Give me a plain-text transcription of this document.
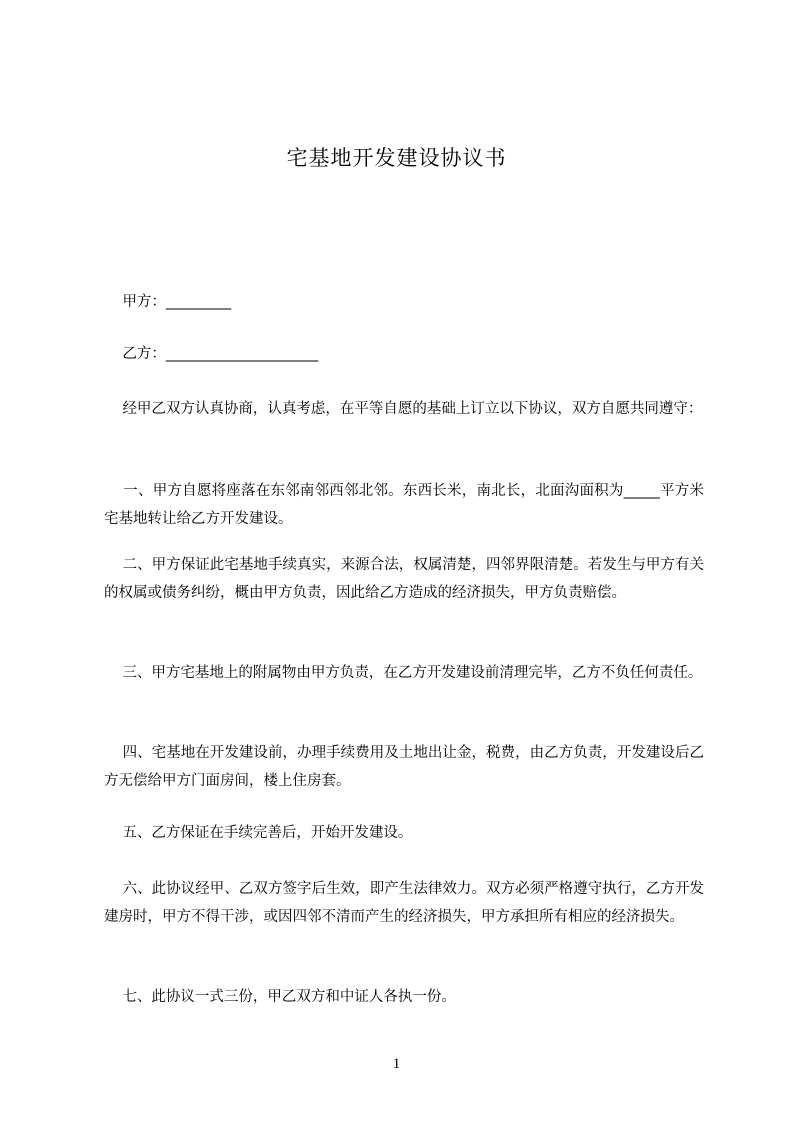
宅基地开发建设协议书
甲方：_________
乙方：_____________________
经甲乙双方认真协商，认真考虑，在平等自愿的基础上订立以下协议，双方自愿共同遵守：
一、甲方自愿将座落在东邻南邻西邻北邻。东西长米，南北长，北面沟面积为_____平方米 宅基地转让给乙方开发建设。
二、甲方保证此宅基地手续真实，来源合法，权属清楚，四邻界限清楚。若发生与甲方有关的权属或债务纠纷，概由甲方负责，因此给乙方造成的经济损失，甲方负责赔偿。
三、甲方宅基地上的附属物由甲方负责，在乙方开发建设前清理完毕，乙方不负任何责任。
四、宅基地在开发建设前，办理手续费用及土地出让金，税费，由乙方负责，开发建设后乙方无偿给甲方门面房间，楼上住房套。
五、乙方保证在手续完善后，开始开发建设。
六、此协议经甲、乙双方签字后生效，即产生法律效力。双方必须严格遵守执行，乙方开发建房时，甲方不得干涉，或因四邻不清而产生的经济损失，甲方承担所有相应的经济损失。
七、此协议一式三份，甲乙双方和中证人各执一份。
1
